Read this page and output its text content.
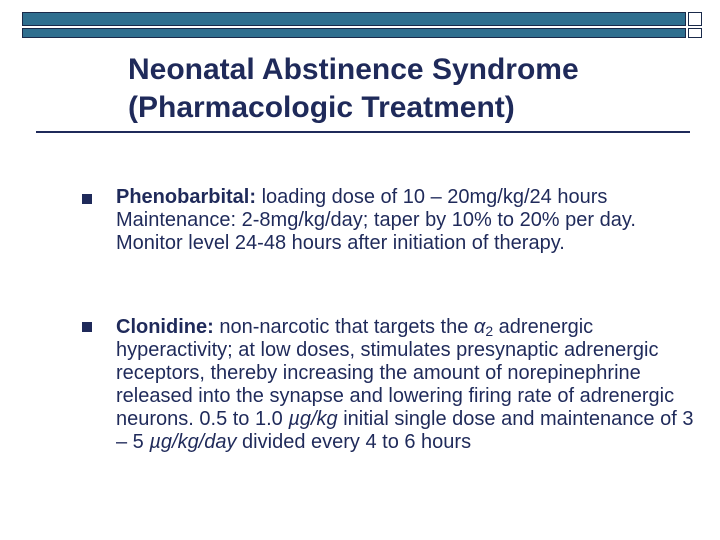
Neonatal Abstinence Syndrome
(Pharmacologic Treatment)
Phenobarbital: loading dose of 10 – 20mg/kg/24 hours Maintenance: 2-8mg/kg/day; taper by 10% to 20% per day. Monitor level 24-48 hours after initiation of therapy.
Clonidine: non-narcotic that targets the $\alpha_2$ adrenergic hyperactivity; at low doses, stimulates presynaptic adrenergic receptors, thereby increasing the amount of norepinephrine released into the synapse and lowering firing rate of adrenergic neurons. 0.5 to 1.0 µg/kg initial single dose and maintenance of 3 – 5 µg/kg/day divided every 4 to 6 hours
